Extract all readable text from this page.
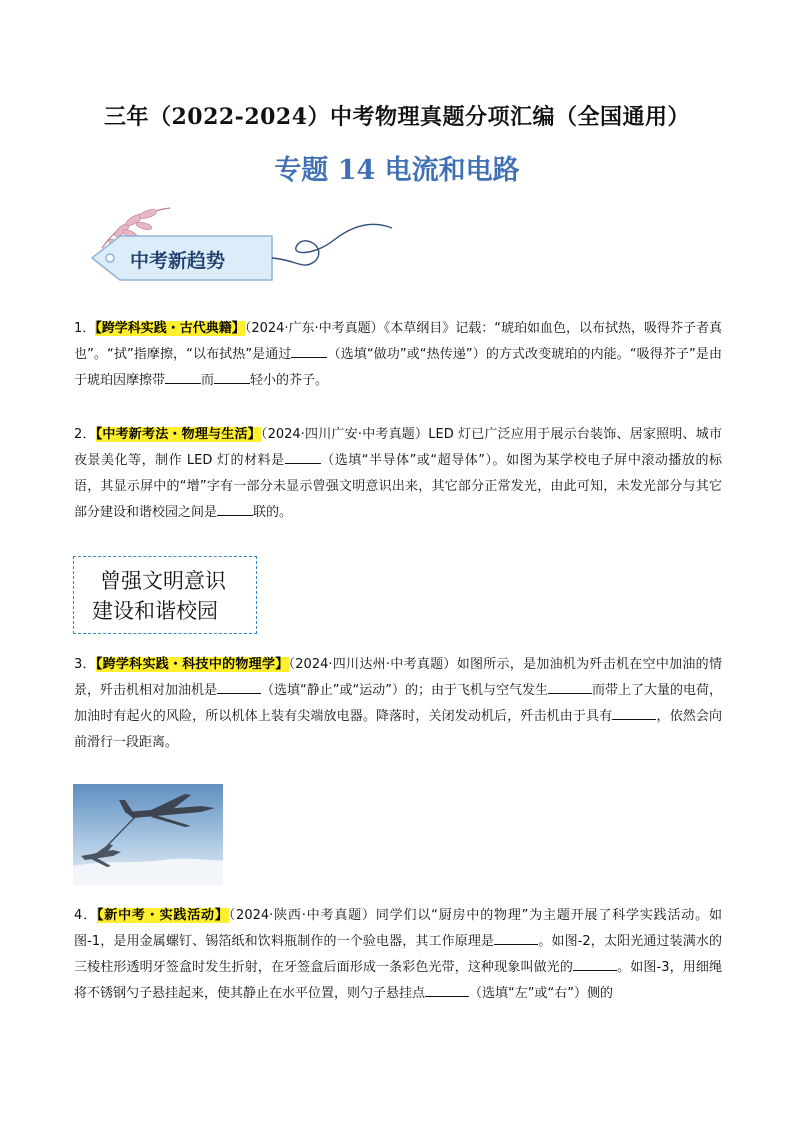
三年（2022-2024）中考物理真题分项汇编（全国通用）
专题 14 电流和电路
中考新趋势

1．【跨学科实践・古代典籍】（2024·广东·中考真题）《本草纲目》记载：“琥珀如血色，以布拭热，吸得芥子者真也”。“拭”指摩擦，“以布拭热”是通过	（选填“做功”或“热传递”）的方式改变琥珀的内能。“吸得芥子”是由于琥珀因摩擦带	而	轻小的芥子。

2．【中考新考法・物理与生活】（2024·四川广安·中考真题）LED 灯已广泛应用于展示台装饰、居家照明、城市夜景美化等，制作 LED 灯的材料是	（选填“半导体”或“超导体”）。如图为某学校电子屏中滚动播放的标语，其显示屏中的“增”字有一部分未显示曾强文明意识出来，其它部分正常发光，由此可知，未发光部分与其它部分建设和谐校园之间是	联的。

曾强文明意识
建设和谐校园

3．【跨学科实践・科技中的物理学】（2024·四川达州·中考真题）如图所示，是加油机为歼击机在空中加油的情景，歼击机相对加油机是	（选填“静止”或“运动”）的；由于飞机与空气发生	而带上了大量的电荷，加油时有起火的风险，所以机体上装有尖端放电器。降落时，关闭发动机后，歼击机由于具有	，依然会向前滑行一段距离。

4．【新中考・实践活动】（2024·陕西·中考真题）同学们以“厨房中的物理”为主题开展了科学实践活动。如图-1，是用金属螺钉、锡箔纸和饮料瓶制作的一个验电器，其工作原理是	。如图-2，太阳光通过装满水的三棱柱形透明牙签盒时发生折射，在牙签盒后面形成一条彩色光带，这种现象叫做光的	。如图-3，用细绳将不锈钢勺子悬挂起来，使其静止在水平位置，则勺子悬挂点	（选填“左”或“右”）侧的
